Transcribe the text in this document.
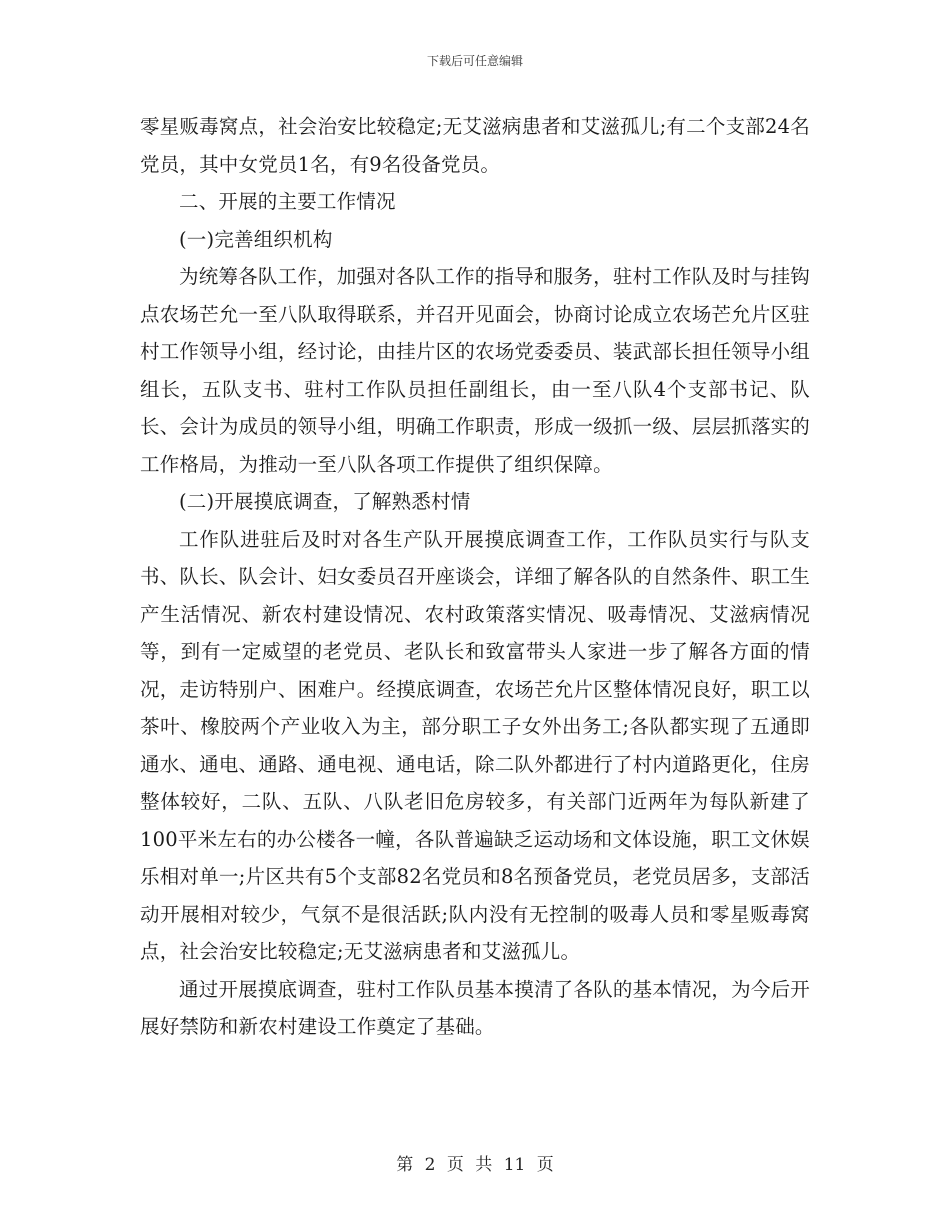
下载后可任意编辑

零星贩毒窝点，社会治安比较稳定;无艾滋病患者和艾滋孤儿;有二个支部24名党员，其中女党员1名，有9名役备党员。

二、开展的主要工作情况

(一)完善组织机构

为统筹各队工作，加强对各队工作的指导和服务，驻村工作队及时与挂钩点农场芒允一至八队取得联系，并召开见面会，协商讨论成立农场芒允片区驻村工作领导小组，经讨论，由挂片区的农场党委委员、装武部长担任领导小组组长，五队支书、驻村工作队员担任副组长，由一至八队4个支部书记、队长、会计为成员的领导小组，明确工作职责，形成一级抓一级、层层抓落实的工作格局，为推动一至八队各项工作提供了组织保障。

(二)开展摸底调查，了解熟悉村情

工作队进驻后及时对各生产队开展摸底调查工作，工作队员实行与队支书、队长、队会计、妇女委员召开座谈会，详细了解各队的自然条件、职工生产生活情况、新农村建设情况、农村政策落实情况、吸毒情况、艾滋病情况等，到有一定威望的老党员、老队长和致富带头人家进一步了解各方面的情况，走访特别户、困难户。经摸底调查，农场芒允片区整体情况良好，职工以茶叶、橡胶两个产业收入为主，部分职工子女外出务工;各队都实现了五通即通水、通电、通路、通电视、通电话，除二队外都进行了村内道路更化，住房整体较好，二队、五队、八队老旧危房较多，有关部门近两年为每队新建了100平米左右的办公楼各一幢，各队普遍缺乏运动场和文体设施，职工文休娱乐相对单一;片区共有5个支部82名党员和8名预备党员，老党员居多，支部活动开展相对较少，气氛不是很活跃;队内没有无控制的吸毒人员和零星贩毒窝点，社会治安比较稳定;无艾滋病患者和艾滋孤儿。

通过开展摸底调查，驻村工作队员基本摸清了各队的基本情况，为今后开展好禁防和新农村建设工作奠定了基础。

第 2 页 共 11 页
